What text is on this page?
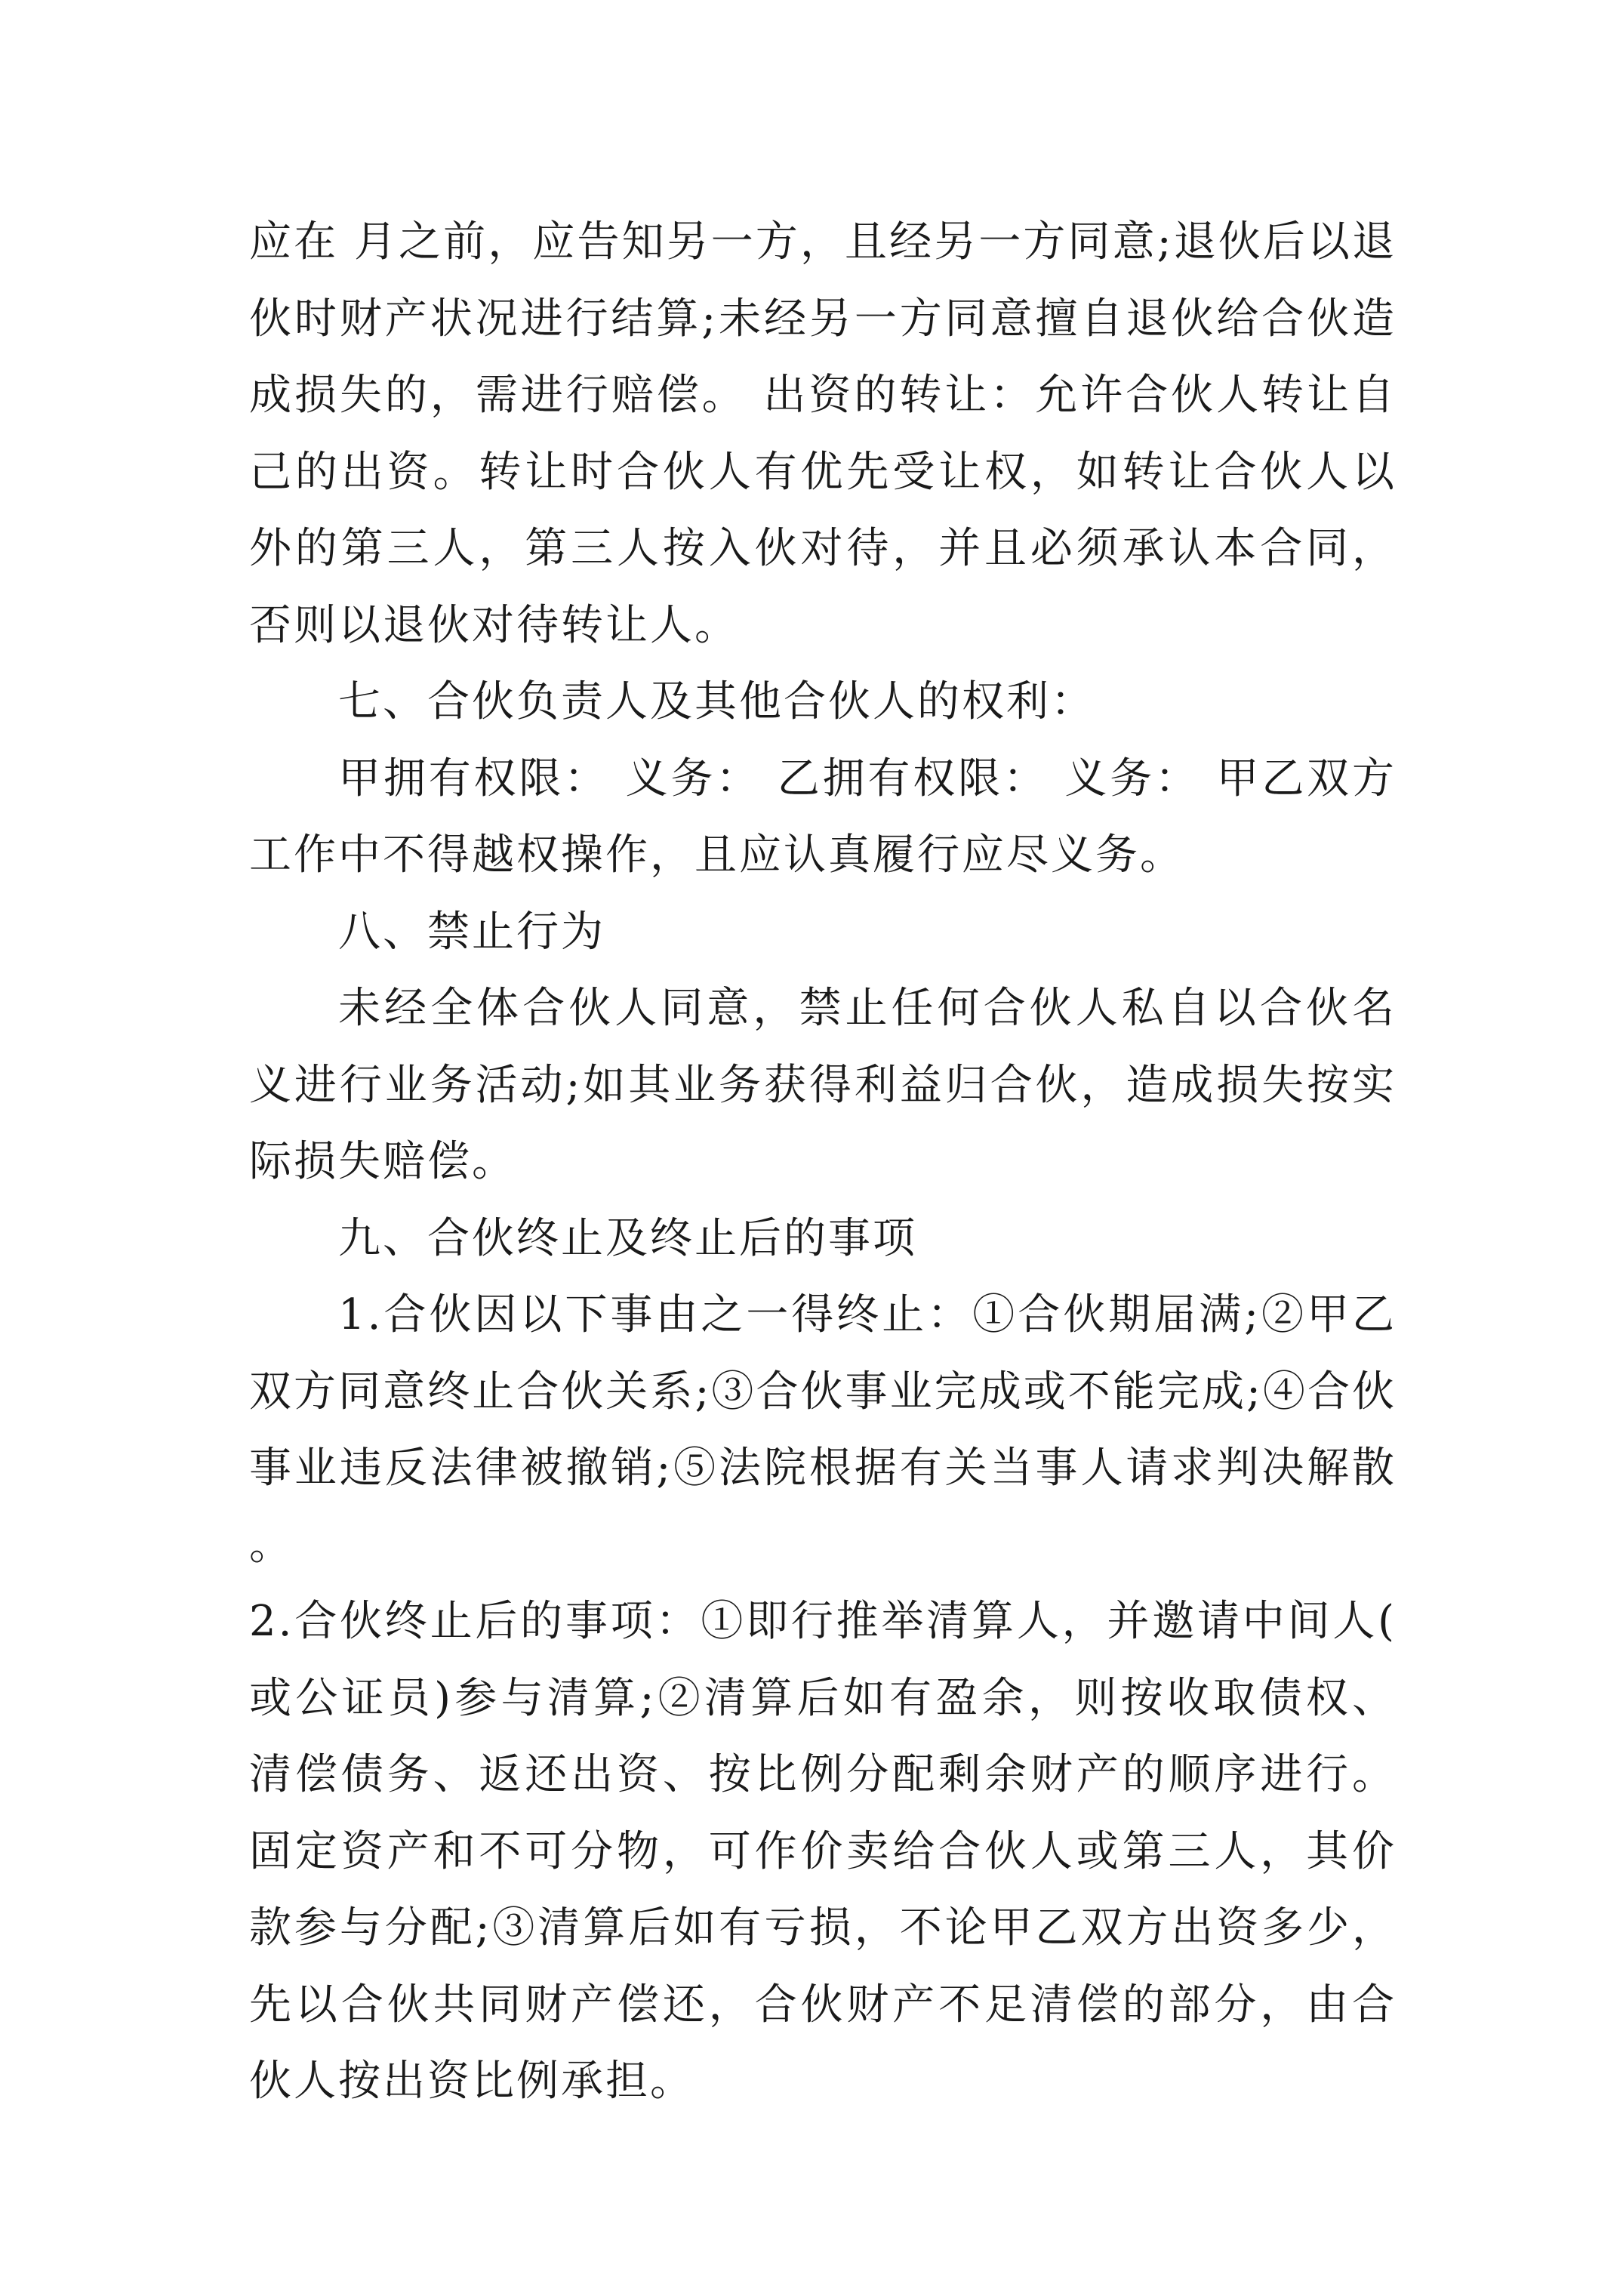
应在 月之前，应告知另一方，且经另一方同意;退伙后以退伙时财产状况进行结算;未经另一方同意擅自退伙给合伙造成损失的，需进行赔偿。 出资的转让：允许合伙人转让自己的出资。转让时合伙人有优先受让权，如转让合伙人以外的第三人，第三人按入伙对待，并且必须承认本合同，否则以退伙对待转让人。

七、合伙负责人及其他合伙人的权利：

甲拥有权限： 义务： 乙拥有权限： 义务： 甲乙双方工作中不得越权操作，且应认真履行应尽义务。

八、禁止行为

未经全体合伙人同意，禁止任何合伙人私自以合伙名义进行业务活动;如其业务获得利益归合伙，造成损失按实际损失赔偿。

九、合伙终止及终止后的事项

1.合伙因以下事由之一得终止：①合伙期届满;②甲乙双方同意终止合伙关系;③合伙事业完成或不能完成;④合伙事业违反法律被撤销;⑤法院根据有关当事人请求判决解散。

2.合伙终止后的事项：①即行推举清算人，并邀请中间人(或公证员)参与清算;②清算后如有盈余，则按收取债权、清偿债务、返还出资、按比例分配剩余财产的顺序进行。固定资产和不可分物，可作价卖给合伙人或第三人，其价款参与分配;③清算后如有亏损，不论甲乙双方出资多少，先以合伙共同财产偿还，合伙财产不足清偿的部分，由合伙人按出资比例承担。
